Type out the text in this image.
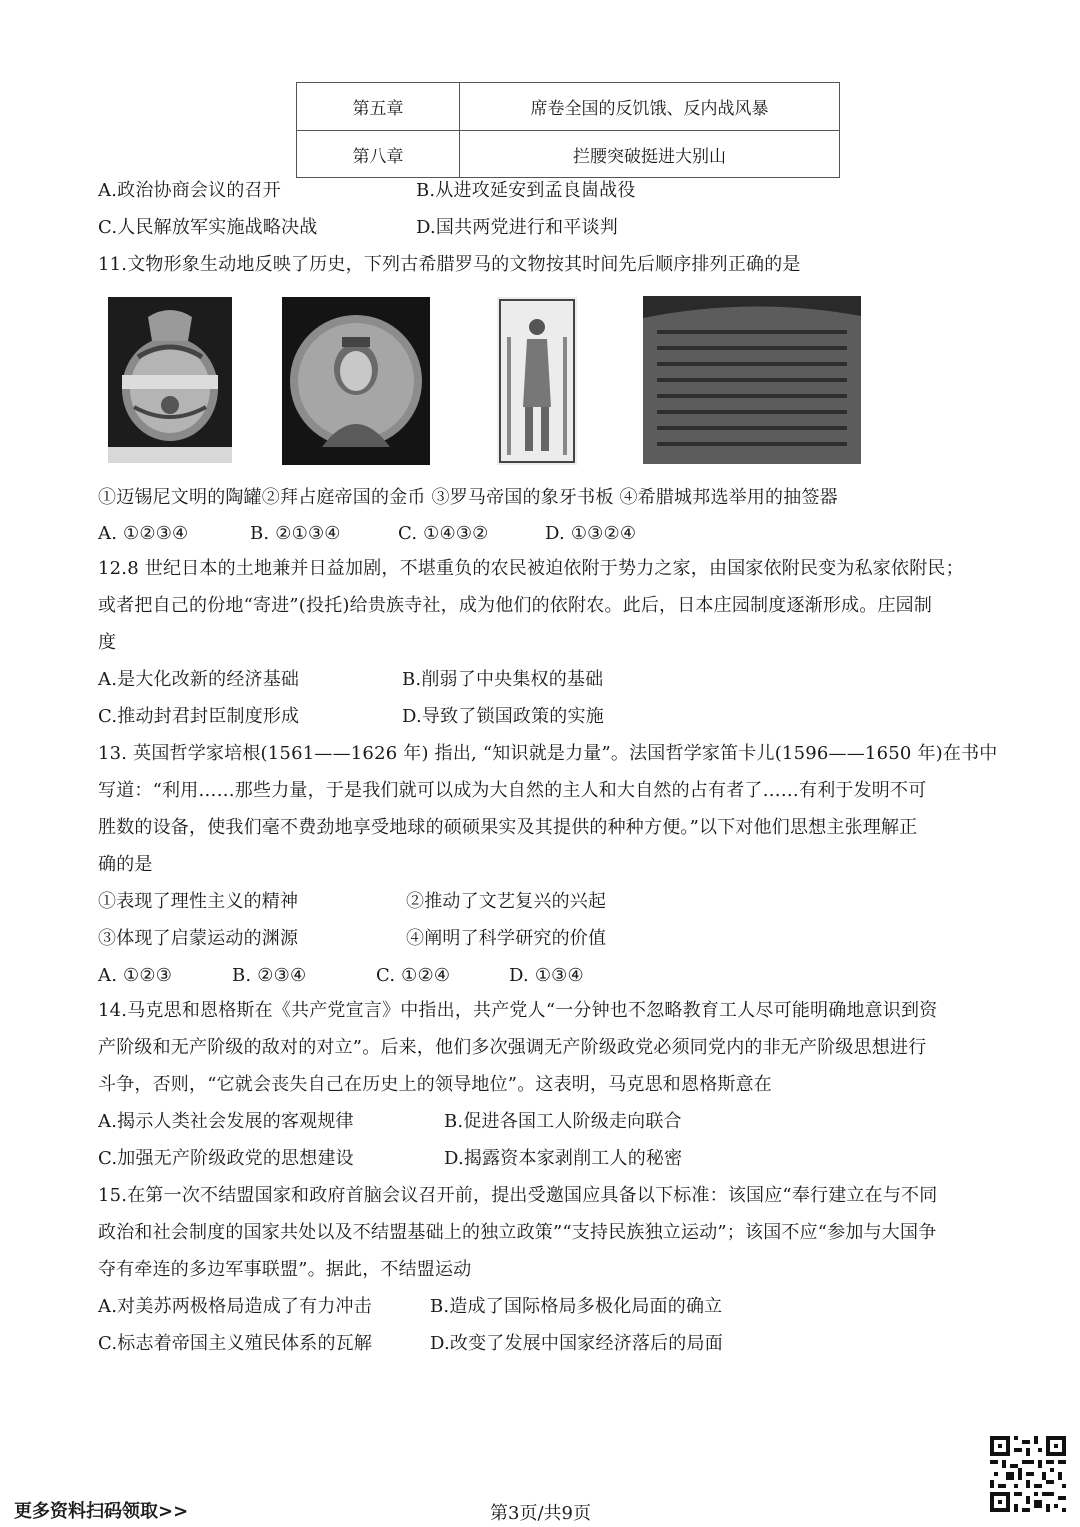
第五章	席卷全国的反饥饿、反内战风暴
第八章	拦腰突破挺进大别山
A.政治协商会议的召开	B.从进攻延安到孟良崮战役
C.人民解放军实施战略决战	D.国共两党进行和平谈判
11.文物形象生动地反映了历史，下列古希腊罗马的文物按其时间先后顺序排列正确的是
①迈锡尼文明的陶罐②拜占庭帝国的金币 ③罗马帝国的象牙书板 ④希腊城邦选举用的抽签器
A. ①②③④	B. ②①③④	C. ①④③②	D. ①③②④
12.8 世纪日本的土地兼并日益加剧，不堪重负的农民被迫依附于势力之家，由国家依附民变为私家依附民；
或者把自己的份地“寄进”(投托)给贵族寺社，成为他们的依附农。此后，日本庄园制度逐渐形成。庄园制
度
A.是大化改新的经济基础	B.削弱了中央集权的基础
C.推动封君封臣制度形成	D.导致了锁国政策的实施
13. 英国哲学家培根(1561——1626 年) 指出, “知识就是力量”。法国哲学家笛卡儿(1596——1650 年)在书中
写道：“利用……那些力量，于是我们就可以成为大自然的主人和大自然的占有者了……有利于发明不可
胜数的设备，使我们毫不费劲地享受地球的硕硕果实及其提供的种种方便。”以下对他们思想主张理解正
确的是
①表现了理性主义的精神	②推动了文艺复兴的兴起
③体现了启蒙运动的渊源	④阐明了科学研究的价值
A. ①②③	B. ②③④	C. ①②④	D. ①③④
14.马克思和恩格斯在《共产党宣言》中指出，共产党人“一分钟也不忽略教育工人尽可能明确地意识到资
产阶级和无产阶级的敌对的对立”。后来，他们多次强调无产阶级政党必须同党内的非无产阶级思想进行
斗争，否则，“它就会丧失自己在历史上的领导地位”。这表明，马克思和恩格斯意在
A.揭示人类社会发展的客观规律	B.促进各国工人阶级走向联合
C.加强无产阶级政党的思想建设	D.揭露资本家剥削工人的秘密
15.在第一次不结盟国家和政府首脑会议召开前，提出受邀国应具备以下标准：该国应“奉行建立在与不同
政治和社会制度的国家共处以及不结盟基础上的独立政策”“支持民族独立运动”；该国不应“参加与大国争
夺有牵连的多边军事联盟”。据此，不结盟运动
A.对美苏两极格局造成了有力冲击	B.造成了国际格局多极化局面的确立
C.标志着帝国主义殖民体系的瓦解	D.改变了发展中国家经济落后的局面
更多资料扫码领取>>	第3页/共9页
